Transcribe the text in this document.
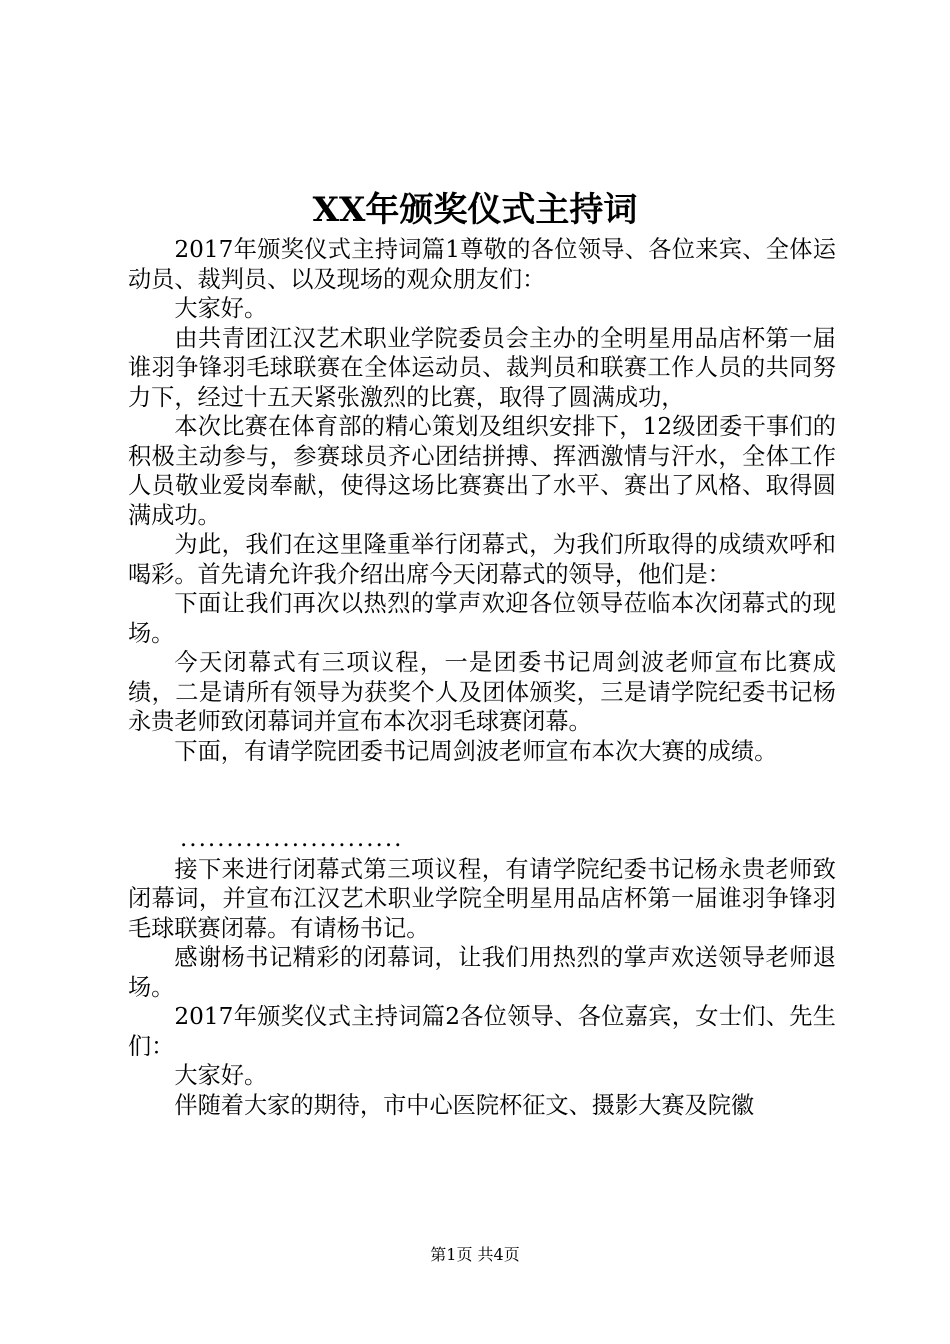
XX年颁奖仪式主持词

2017年颁奖仪式主持词篇1尊敬的各位领导、各位来宾、全体运动员、裁判员、以及现场的观众朋友们：

大家好。

由共青团江汉艺术职业学院委员会主办的全明星用品店杯第一届谁羽争锋羽毛球联赛在全体运动员、裁判员和联赛工作人员的共同努力下，经过十五天紧张激烈的比赛，取得了圆满成功，

本次比赛在体育部的精心策划及组织安排下，12级团委干事们的积极主动参与，参赛球员齐心团结拼搏、挥洒激情与汗水，全体工作人员敬业爱岗奉献，使得这场比赛赛出了水平、赛出了风格、取得圆满成功。

为此，我们在这里隆重举行闭幕式，为我们所取得的成绩欢呼和喝彩。首先请允许我介绍出席今天闭幕式的领导，他们是：

下面让我们再次以热烈的掌声欢迎各位领导莅临本次闭幕式的现场。

今天闭幕式有三项议程，一是团委书记周剑波老师宣布比赛成绩，二是请所有领导为获奖个人及团体颁奖，三是请学院纪委书记杨永贵老师致闭幕词并宣布本次羽毛球赛闭幕。

下面，有请学院团委书记周剑波老师宣布本次大赛的成绩。

........................

接下来进行闭幕式第三项议程，有请学院纪委书记杨永贵老师致闭幕词，并宣布江汉艺术职业学院全明星用品店杯第一届谁羽争锋羽毛球联赛闭幕。有请杨书记。

感谢杨书记精彩的闭幕词，让我们用热烈的掌声欢送领导老师退场。

2017年颁奖仪式主持词篇2各位领导、各位嘉宾，女士们、先生们：

大家好。

伴随着大家的期待，市中心医院杯征文、摄影大赛及院徽

第1页 共4页
